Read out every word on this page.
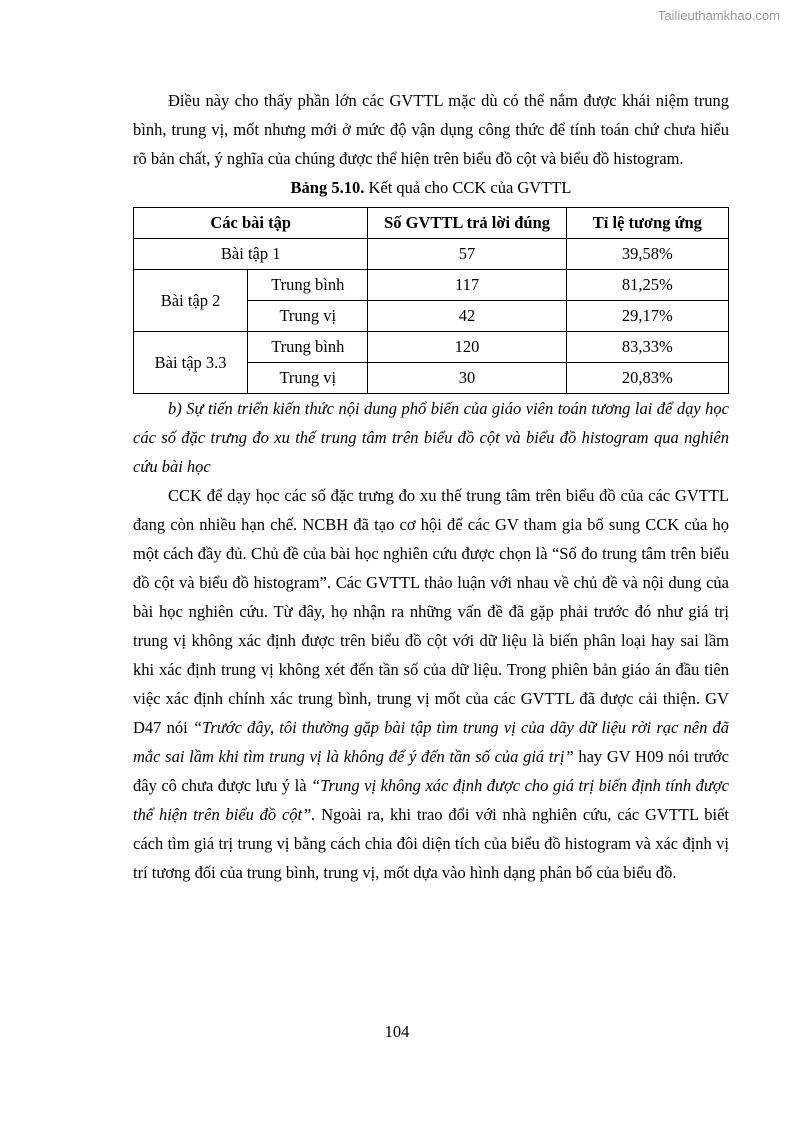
Tailieuthamkhao.com

Điều này cho thấy phần lớn các GVTTL mặc dù có thể nắm được khái niệm trung bình, trung vị, mốt nhưng mới ở mức độ vận dụng công thức để tính toán chứ chưa hiểu rõ bản chất, ý nghĩa của chúng được thể hiện trên biểu đồ cột và biểu đồ histogram.

Bảng 5.10. Kết quả cho CCK của GVTTL

Các bài tập		Số GVTTL trả lời đúng	Tỉ lệ tương ứng
Bài tập 1		57	39,58%
Bài tập 2	Trung bình	117	81,25%
	Trung vị	42	29,17%
Bài tập 3.3	Trung bình	120	83,33%
	Trung vị	30	20,83%

b) Sự tiến triển kiến thức nội dung phổ biến của giáo viên toán tương lai để dạy học các số đặc trưng đo xu thế trung tâm trên biểu đồ cột và biểu đồ histogram qua nghiên cứu bài học

CCK để dạy học các số đặc trưng đo xu thế trung tâm trên biểu đồ của các GVTTL đang còn nhiều hạn chế. NCBH đã tạo cơ hội để các GV tham gia bổ sung CCK của họ một cách đầy đủ. Chủ đề của bài học nghiên cứu được chọn là “Số đo trung tâm trên biểu đồ cột và biểu đồ histogram”. Các GVTTL thảo luận với nhau về chủ đề và nội dung của bài học nghiên cứu. Từ đây, họ nhận ra những vấn đề đã gặp phải trước đó như giá trị trung vị không xác định được trên biểu đồ cột với dữ liệu là biến phân loại hay sai lầm khi xác định trung vị không xét đến tần số của dữ liệu. Trong phiên bản giáo án đầu tiên việc xác định chính xác trung bình, trung vị mốt của các GVTTL đã được cải thiện. GV D47 nói “Trước đây, tôi thường gặp bài tập tìm trung vị của dãy dữ liệu rời rạc nên đã mắc sai lầm khi tìm trung vị là không để ý đến tần số của giá trị” hay GV H09 nói trước đây cô chưa được lưu ý là “Trung vị không xác định được cho giá trị biến định tính được thể hiện trên biểu đồ cột”. Ngoài ra, khi trao đổi với nhà nghiên cứu, các GVTTL biết cách tìm giá trị trung vị bằng cách chia đôi diện tích của biểu đồ histogram và xác định vị trí tương đối của trung bình, trung vị, mốt dựa vào hình dạng phân bố của biểu đồ.

104
